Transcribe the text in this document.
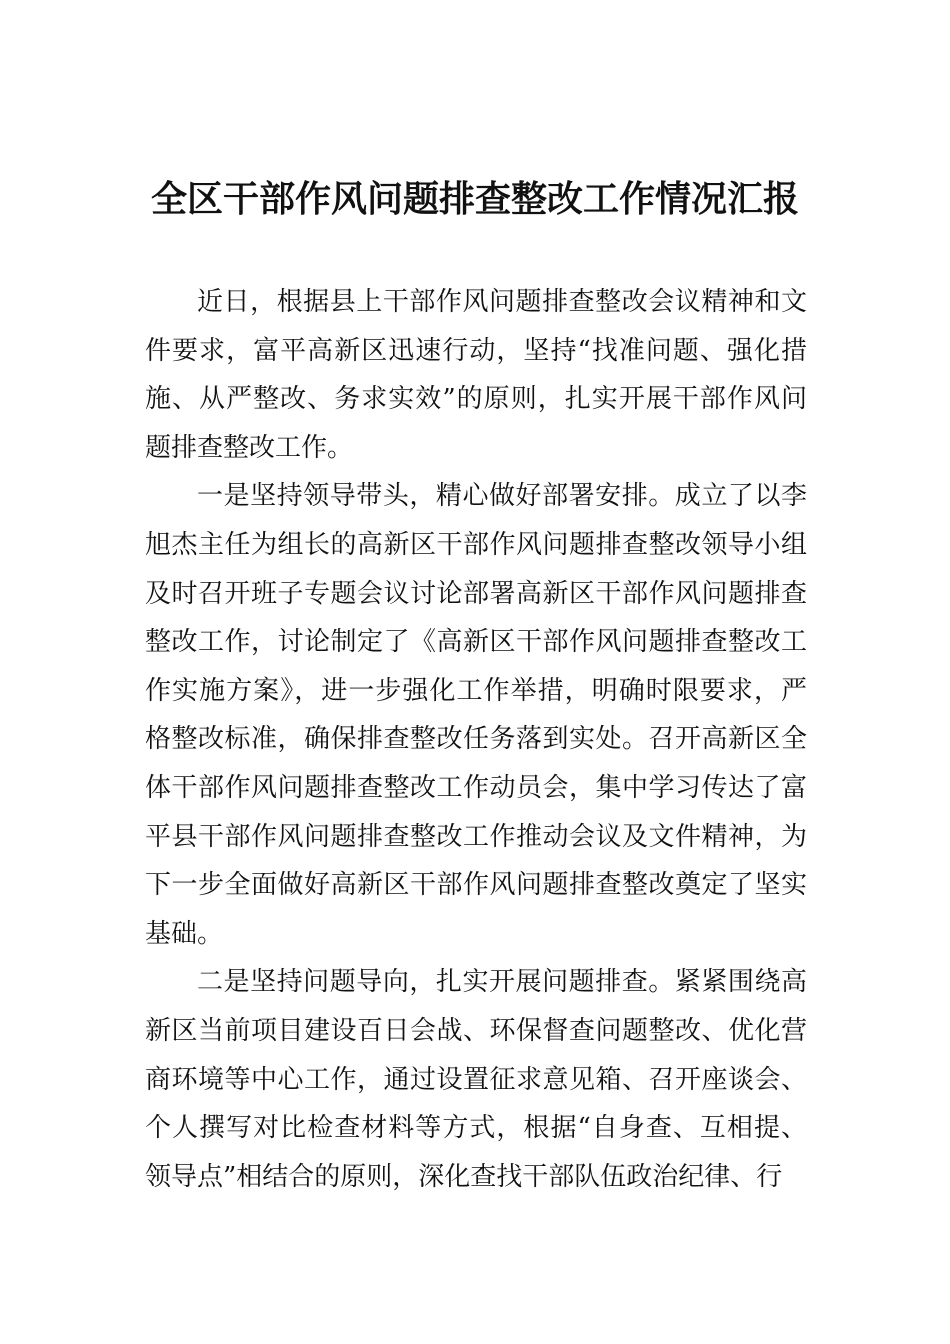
全区干部作风问题排查整改工作情况汇报

近日，根据县上干部作风问题排查整改会议精神和文件要求，富平高新区迅速行动，坚持“找准问题、强化措施、从严整改、务求实效”的原则，扎实开展干部作风问题排查整改工作。

一是坚持领导带头，精心做好部署安排。成立了以李旭杰主任为组长的高新区干部作风问题排查整改领导小组及时召开班子专题会议讨论部署高新区干部作风问题排查整改工作，讨论制定了《高新区干部作风问题排查整改工作实施方案》，进一步强化工作举措，明确时限要求，严格整改标准，确保排查整改任务落到实处。召开高新区全体干部作风问题排查整改工作动员会，集中学习传达了富平县干部作风问题排查整改工作推动会议及文件精神，为下一步全面做好高新区干部作风问题排查整改奠定了坚实基础。

二是坚持问题导向，扎实开展问题排查。紧紧围绕高新区当前项目建设百日会战、环保督查问题整改、优化营商环境等中心工作，通过设置征求意见箱、召开座谈会、个人撰写对比检查材料等方式，根据“自身查、互相提、领导点”相结合的原则，深化查找干部队伍政治纪律、行
